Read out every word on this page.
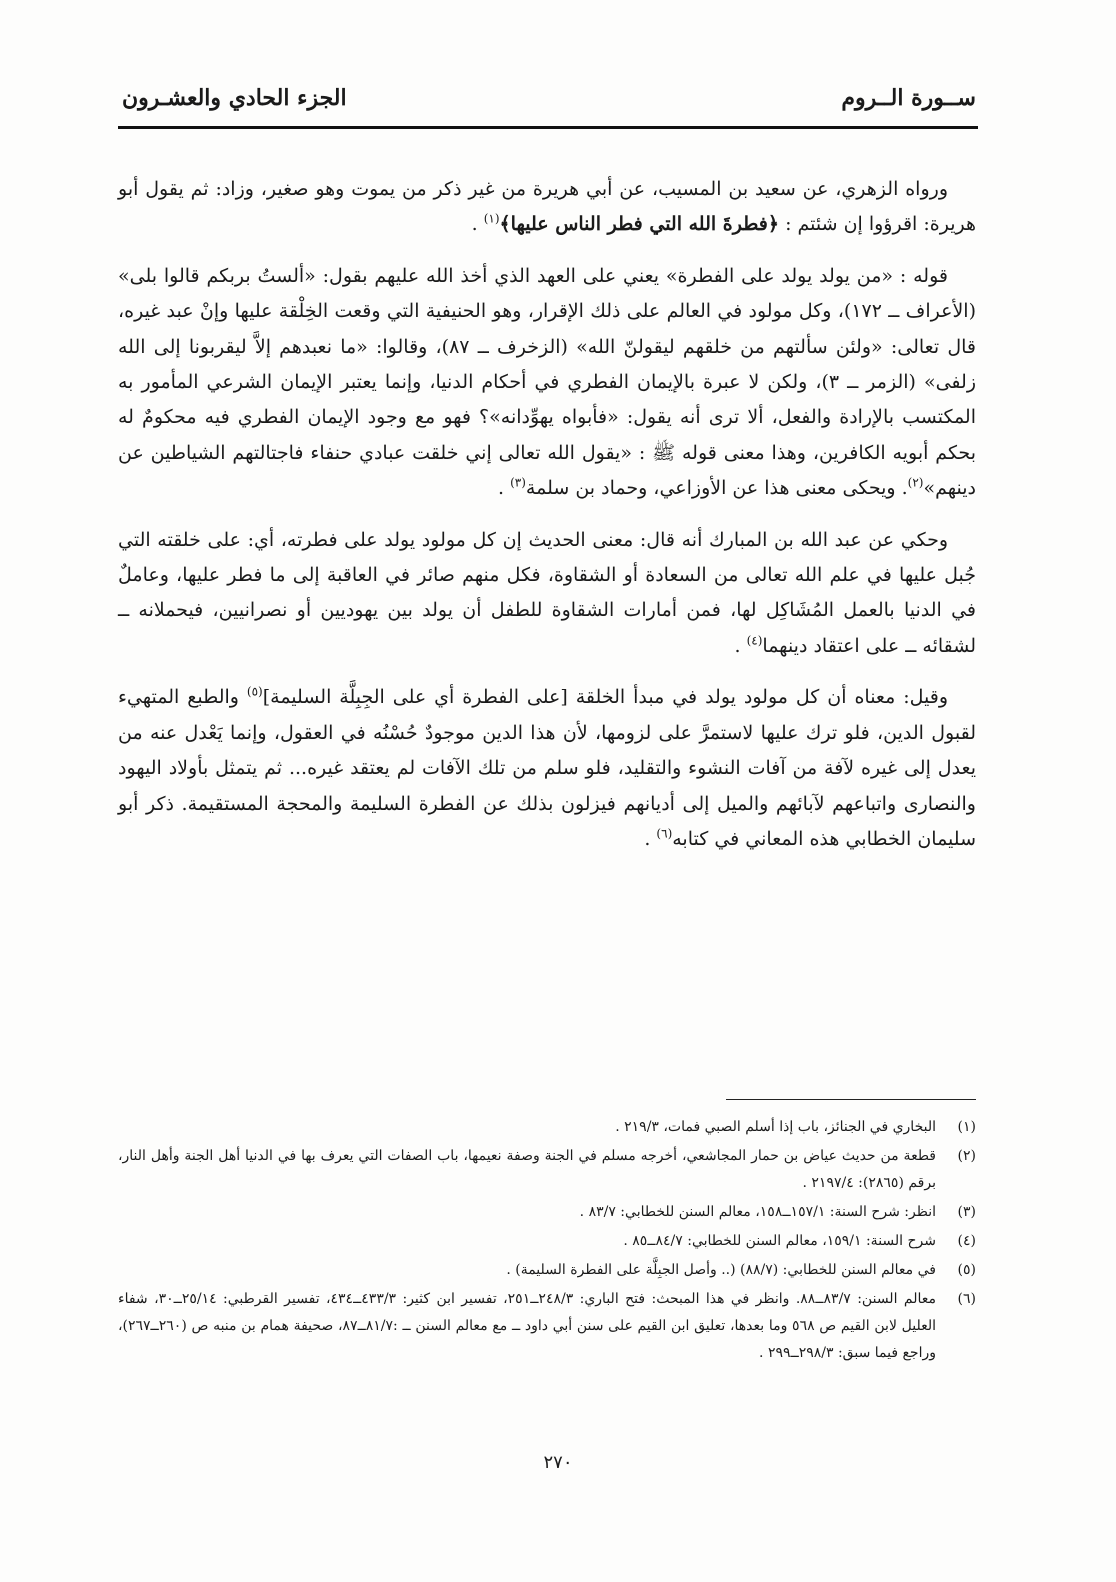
ســورة الــروم
الجزء الحادي والعشـرون

ورواه الزهري، عن سعيد بن المسيب، عن أبي هريرة من غير ذكر من يموت وهو صغير، وزاد: ثم يقول أبو هريرة: اقرؤوا إن شئتم : ﴿فطرةَ الله التي فطر الناس عليها﴾$^{(١)}$ .

قوله : «من يولد يولد على الفطرة» يعني على العهد الذي أخذ الله عليهم بقول: «ألستُ بربكم قالوا بلى» (الأعراف ــ ١٧٢)، وكل مولود في العالم على ذلك الإقرار، وهو الحنيفية التي وقعت الخِلْقة عليها وإنْ عبد غيره، قال تعالى: «ولئن سألتهم من خلقهم ليقولنّ الله» (الزخرف ــ ٨٧)، وقالوا: «ما نعبدهم إلاَّ ليقربونا إلى الله زلفى» (الزمر ــ ٣)، ولكن لا عبرة بالإيمان الفطري في أحكام الدنيا، وإنما يعتبر الإيمان الشرعي المأمور به المكتسب بالإرادة والفعل، ألا ترى أنه يقول: «فأبواه يهوِّدانه»؟ فهو مع وجود الإيمان الفطري فيه محكومٌ له بحكم أبويه الكافرين، وهذا معنى قوله ﷺ : «يقول الله تعالى إني خلقت عبادي حنفاء فاجتالتهم الشياطين عن دينهم»$^{(٢)}$. ويحكى معنى هذا عن الأوزاعي، وحماد بن سلمة$^{(٣)}$ .

وحكي عن عبد الله بن المبارك أنه قال: معنى الحديث إن كل مولود يولد على فطرته، أي: على خلقته التي جُبل عليها في علم الله تعالى من السعادة أو الشقاوة، فكل منهم صائر في العاقبة إلى ما فطر عليها، وعاملٌ في الدنيا بالعمل المُشَاكِل لها، فمن أمارات الشقاوة للطفل أن يولد بين يهوديين أو نصرانيين، فيحملانه ــ لشقائه ــ على اعتقاد دينهما$^{(٤)}$ .

وقيل: معناه أن كل مولود يولد في مبدأ الخلقة [على الفطرة أي على الجِبِلَّة السليمة]$^{(٥)}$ والطبع المتهيء لقبول الدين، فلو ترك عليها لاستمرَّ على لزومها، لأن هذا الدين موجودٌ حُسْنُه في العقول، وإنما يَعْدل عنه من يعدل إلى غيره لآفة من آفات النشوء والتقليد، فلو سلم من تلك الآفات لم يعتقد غيره... ثم يتمثل بأولاد اليهود والنصارى واتباعهم لآبائهم والميل إلى أديانهم فيزلون بذلك عن الفطرة السليمة والمحجة المستقيمة. ذكر أبو سليمان الخطابي هذه المعاني في كتابه$^{(٦)}$ .

(١)
البخاري في الجنائز، باب إذا أسلم الصبي فمات، ٢١٩/٣ .
(٢)
قطعة من حديث عياض بن حمار المجاشعي، أخرجه مسلم في الجنة وصفة نعيمها، باب الصفات التي يعرف بها في الدنيا أهل الجنة وأهل النار، برقم (٢٨٦٥): ٢١٩٧/٤ .
(٣)
انظر: شرح السنة: ١٥٧/١ــ١٥٨، معالم السنن للخطابي: ٨٣/٧ .
(٤)
شرح السنة: ١٥٩/١، معالم السنن للخطابي: ٨٤/٧ــ٨٥ .
(٥)
في معالم السنن للخطابي: (٨٨/٧) (.. وأصل الجبِلَّة على الفطرة السليمة) .
(٦)
معالم السنن: ٨٣/٧ــ٨٨. وانظر في هذا المبحث: فتح الباري: ٢٤٨/٣ــ٢٥١، تفسير ابن كثير: ٤٣٣/٣ــ٤٣٤، تفسير القرطبي: ٢٥/١٤ــ٣٠، شفاء العليل لابن القيم ص ٥٦٨ وما بعدها، تعليق ابن القيم على سنن أبي داود ــ مع معالم السنن ــ :٨١/٧ــ٨٧، صحيفة همام بن منبه ص (٢٦٠ــ٢٦٧)، وراجع فيما سبق: ٢٩٨/٣ــ٢٩٩ .
٢٧٠
